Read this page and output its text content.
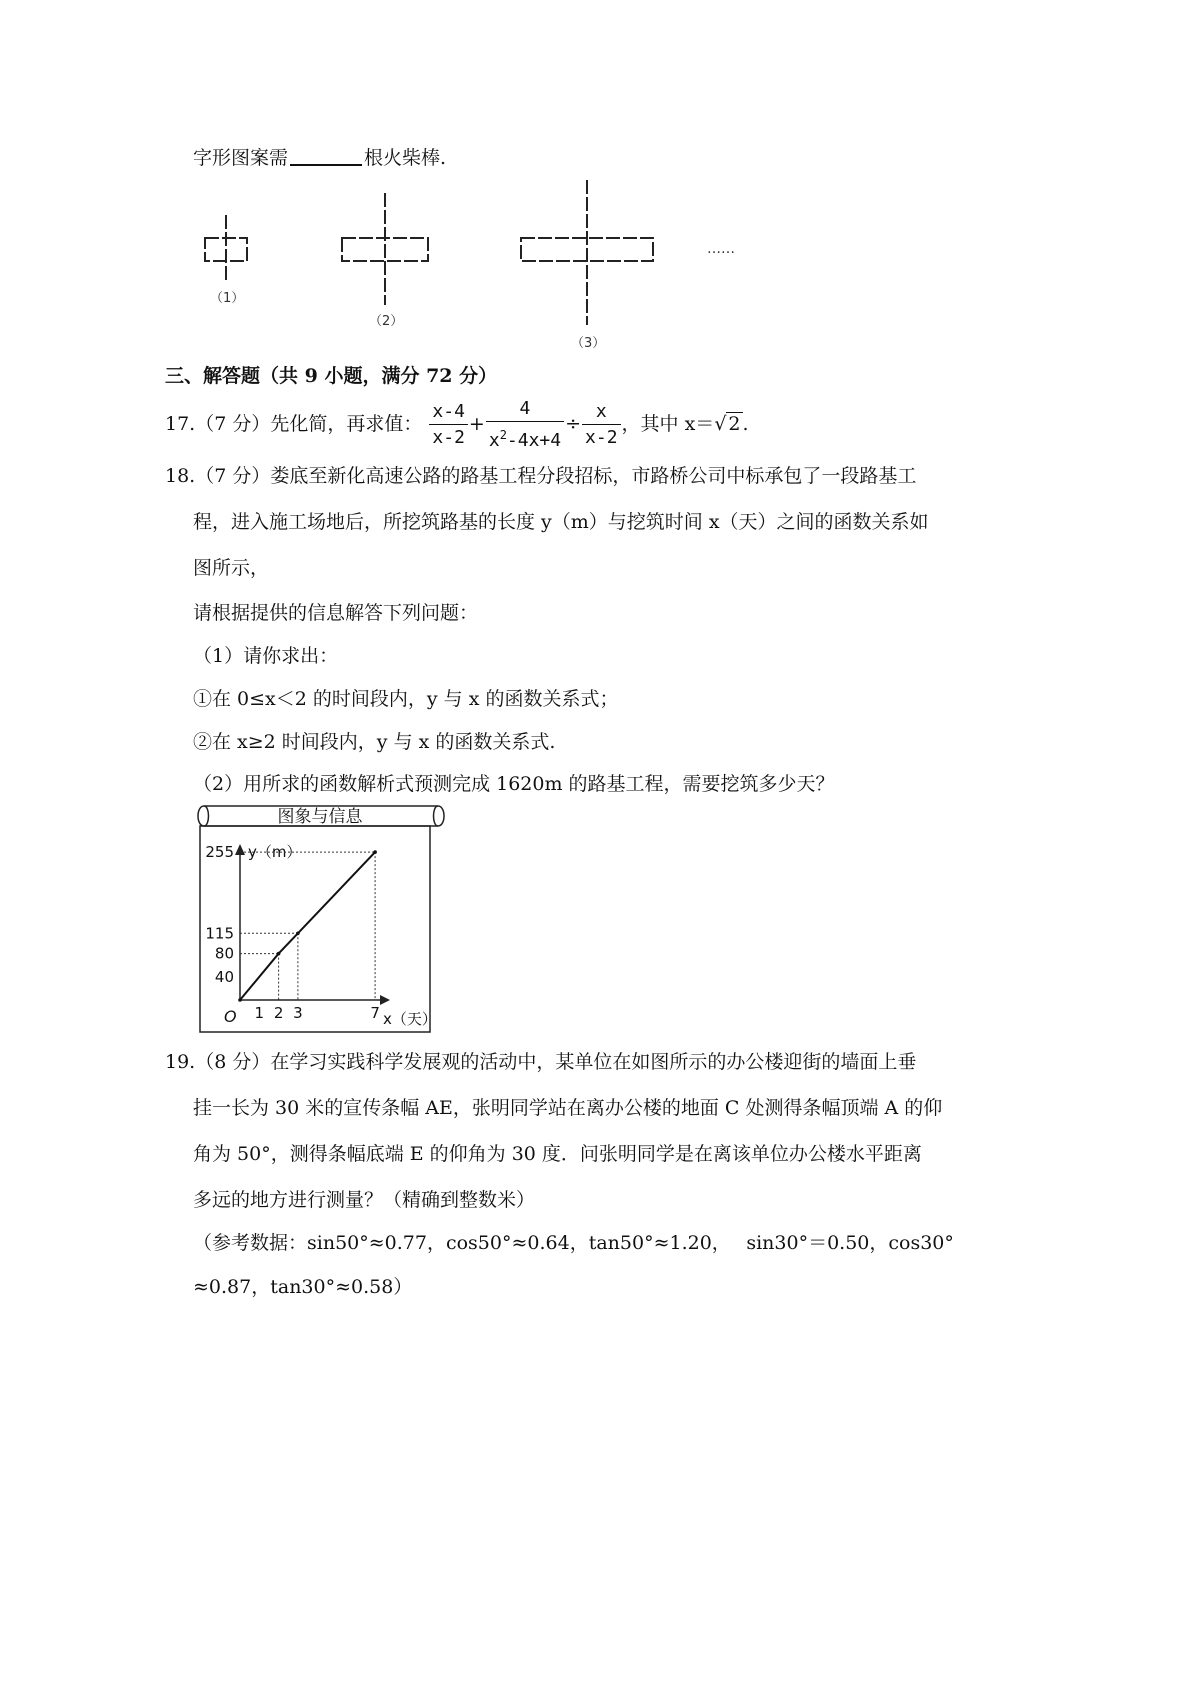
字形图案需	根火柴棒.
（1）
（2）
（3）
……
三、解答题（共 9 小题，满分 72 分）
17.（7 分）先化简，再求值： $\frac{x-4}{x-2} + \frac{4}{x^2-4x+4} \div \frac{x}{x-2}$ ，其中 x＝√ 2 .
18.（7 分）娄底至新化高速公路的路基工程分段招标，市路桥公司中标承包了一段路基工
程，进入施工场地后，所挖筑路基的长度 y（m）与挖筑时间 x（天）之间的函数关系如
图所示，
请根据提供的信息解答下列问题：
（1）请你求出：
①在 0≤x＜2 的时间段内，y 与 x 的函数关系式；
②在 x≥2 时间段内，y 与 x 的函数关系式.
（2）用所求的函数解析式预测完成 1620m 的路基工程，需要挖筑多少天？
图象与信息
y（m）
x（天）
O 1 2 3	7
40
80
115
255
19.（8 分）在学习实践科学发展观的活动中，某单位在如图所示的办公楼迎街的墙面上垂
挂一长为 30 米的宣传条幅 AE，张明同学站在离办公楼的地面 C 处测得条幅顶端 A 的仰
角为 50°，测得条幅底端 E 的仰角为 30 度．问张明同学是在离该单位办公楼水平距离
多远的地方进行测量？（精确到整数米）
（参考数据：sin50°≈0.77，cos50°≈0.64，tan50°≈1.20，　 sin30°＝0.50，cos30°
≈0.87，tan30°≈0.58）
